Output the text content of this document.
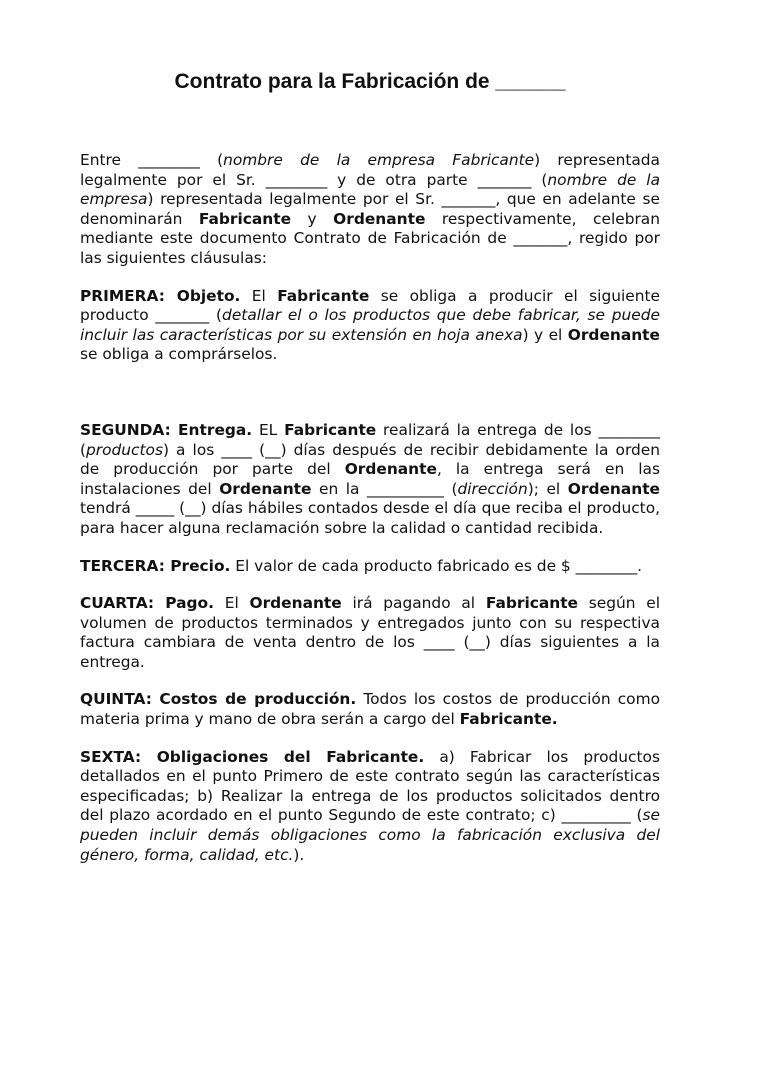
Contrato para la Fabricación de ______

Entre ________ (nombre de la empresa Fabricante) representada legalmente por el Sr. ________ y de otra parte _______ (nombre de la empresa) representada legalmente por el Sr. _______, que en adelante se denominarán Fabricante y Ordenante respectivamente, celebran mediante este documento Contrato de Fabricación de _______, regido por las siguientes cláusulas:

PRIMERA: Objeto. El Fabricante se obliga a producir el siguiente producto _______ (detallar el o los productos que debe fabricar, se puede incluir las características por su extensión en hoja anexa) y el Ordenante se obliga a comprárselos.

SEGUNDA: Entrega. EL Fabricante realizará la entrega de los ________ (productos) a los ____ (__) días después de recibir debidamente la orden de producción por parte del Ordenante, la entrega será en las instalaciones del Ordenante en la __________ (dirección); el Ordenante tendrá _____ (__) días hábiles contados desde el día que reciba el producto, para hacer alguna reclamación sobre la calidad o cantidad recibida.

TERCERA: Precio. El valor de cada producto fabricado es de $ ________.

CUARTA: Pago. El Ordenante irá pagando al Fabricante según el volumen de productos terminados y entregados junto con su respectiva factura cambiara de venta dentro de los ____ (__) días siguientes a la entrega.

QUINTA: Costos de producción. Todos los costos de producción como materia prima y mano de obra serán a cargo del Fabricante.

SEXTA: Obligaciones del Fabricante. a) Fabricar los productos detallados en el punto Primero de este contrato según las características especificadas; b) Realizar la entrega de los productos solicitados dentro del plazo acordado en el punto Segundo de este contrato; c) _________ (se pueden incluir demás obligaciones como la fabricación exclusiva del género, forma, calidad, etc.).
